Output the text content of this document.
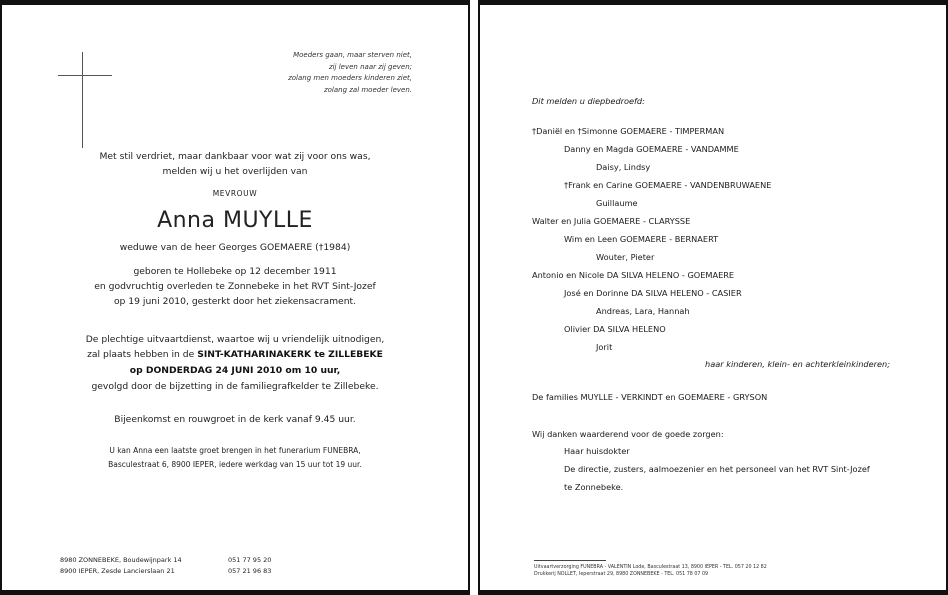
Moeders gaan, maar sterven niet,
zij leven naar zij geven;
zolang men moeders kinderen ziet,
zolang zal moeder leven.
Met stil verdriet, maar dankbaar voor wat zij voor ons was,
melden wij u het overlijden van
MEVROUW
Anna MUYLLE
weduwe van de heer Georges GOEMAERE (†1984)
geboren te Hollebeke op 12 december 1911
en godvruchtig overleden te Zonnebeke in het RVT Sint-Jozef
op 19 juni 2010, gesterkt door het ziekensacrament.
De plechtige uitvaartdienst, waartoe wij u vriendelijk uitnodigen,
zal plaats hebben in de SINT-KATHARINAKERK te ZILLEBEKE
op DONDERDAG 24 JUNI 2010 om 10 uur,
gevolgd door de bijzetting in de familiegrafkelder te Zillebeke.
Bijeenkomst en rouwgroet in de kerk vanaf 9.45 uur.
U kan Anna een laatste groet brengen in het funerarium FUNEBRA,
Basculestraat 6, 8900 IEPER, iedere werkdag van 15 uur tot 19 uur.
8980 ZONNEBEKE, Boudewijnpark 14
8900 IEPER, Zesde Lancierslaan 21
051 77 95 20
057 21 96 83
Dit melden u diepbedroefd:
†Daniël en †Simonne GOEMAERE - TIMPERMAN
Danny en Magda GOEMAERE - VANDAMME
Daisy, Lindsy
†Frank en Carine GOEMAERE - VANDENBRUWAENE
Guillaume
Walter en Julia GOEMAERE - CLARYSSE
Wim en Leen GOEMAERE - BERNAERT
Wouter, Pieter
Antonio en Nicole DA SILVA HELENO - GOEMAERE
José en Dorinne DA SILVA HELENO - CASIER
Andreas, Lara, Hannah
Olivier DA SILVA HELENO
Jorit
haar kinderen, klein- en achterkleinkinderen;
De families MUYLLE - VERKINDT en GOEMAERE - GRYSON
Wij danken waarderend voor de goede zorgen:
Haar huisdokter
De directie, zusters, aalmoezenier en het personeel van het RVT Sint-Jozef
te Zonnebeke.
Uitvaartverzorging FUNEBRA - VALENTIN Lode, Basculestraat 13, 8900 IEPER - TEL. 057 20 12 82
Drukkerij NOLLET, Ieperstraat 29, 8980 ZONNEBEKE - TEL. 051 78 07 09
